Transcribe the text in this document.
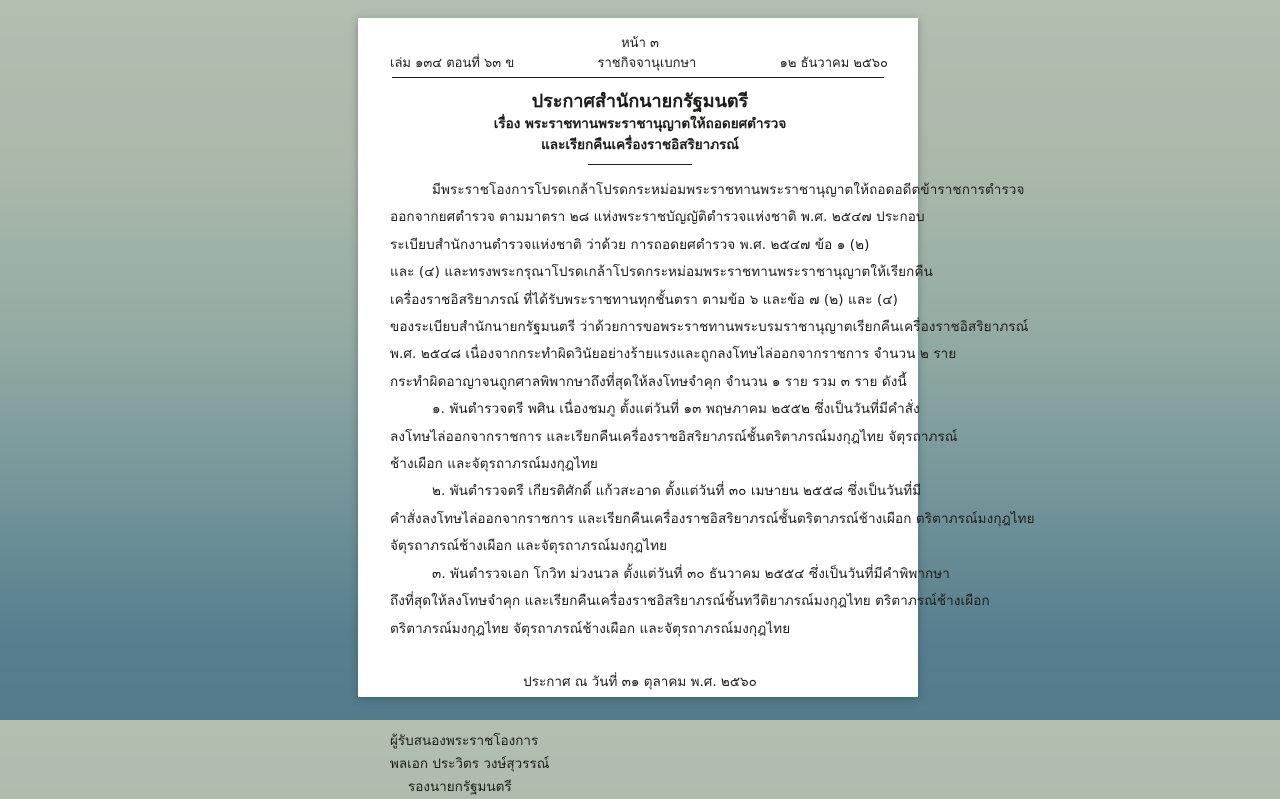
หน้า ๓
เล่ม ๑๓๔ ตอนที่ ๖๓ ข	ราชกิจจานุเบกษา	๑๒ ธันวาคม ๒๕๖๐
ประกาศสำนักนายกรัฐมนตรี
เรื่อง พระราชทานพระราชานุญาตให้ถอดยศตำรวจ
และเรียกคืนเครื่องราชอิสริยาภรณ์
มีพระราชโองการโปรดเกล้าโปรดกระหม่อมพระราชทานพระราชานุญาตให้ถอดอดีตข้าราชการตำรวจ
ออกจากยศตำรวจ ตามมาตรา ๒๘ แห่งพระราชบัญญัติตำรวจแห่งชาติ พ.ศ. ๒๕๔๗ ประกอบ
ระเบียบสำนักงานตำรวจแห่งชาติ ว่าด้วย การถอดยศตำรวจ พ.ศ. ๒๕๔๗ ข้อ ๑ (๒)
และ (๔) และทรงพระกรุณาโปรดเกล้าโปรดกระหม่อมพระราชทานพระราชานุญาตให้เรียกคืน
เครื่องราชอิสริยาภรณ์ ที่ได้รับพระราชทานทุกชั้นตรา ตามข้อ ๖ และข้อ ๗ (๒) และ (๔)
ของระเบียบสำนักนายกรัฐมนตรี ว่าด้วยการขอพระราชทานพระบรมราชานุญาตเรียกคืนเครื่องราชอิสริยาภรณ์
พ.ศ. ๒๕๔๘ เนื่องจากกระทำผิดวินัยอย่างร้ายแรงและถูกลงโทษไล่ออกจากราชการ จำนวน ๒ ราย
กระทำผิดอาญาจนถูกศาลพิพากษาถึงที่สุดให้ลงโทษจำคุก จำนวน ๑ ราย รวม ๓ ราย ดังนี้
๑. พันตำรวจตรี พศิน เนื่องชมภู ตั้งแต่วันที่ ๑๓ พฤษภาคม ๒๕๕๒ ซึ่งเป็นวันที่มีคำสั่ง
ลงโทษไล่ออกจากราชการ และเรียกคืนเครื่องราชอิสริยาภรณ์ชั้นตริตาภรณ์มงกุฎไทย จัตุรถาภรณ์
ช้างเผือก และจัตุรถาภรณ์มงกุฎไทย
๒. พันตำรวจตรี เกียรติศักดิ์ แก้วสะอาด ตั้งแต่วันที่ ๓๐ เมษายน ๒๕๕๘ ซึ่งเป็นวันที่มี
คำสั่งลงโทษไล่ออกจากราชการ และเรียกคืนเครื่องราชอิสริยาภรณ์ชั้นตริตาภรณ์ช้างเผือก ตริตาภรณ์มงกุฎไทย
จัตุรถาภรณ์ช้างเผือก และจัตุรถาภรณ์มงกุฎไทย
๓. พันตำรวจเอก โกวิท ม่วงนวล ตั้งแต่วันที่ ๓๐ ธันวาคม ๒๕๕๔ ซึ่งเป็นวันที่มีคำพิพากษา
ถึงที่สุดให้ลงโทษจำคุก และเรียกคืนเครื่องราชอิสริยาภรณ์ชั้นทวีติยาภรณ์มงกุฎไทย ตริตาภรณ์ช้างเผือก
ตริตาภรณ์มงกุฎไทย จัตุรถาภรณ์ช้างเผือก และจัตุรถาภรณ์มงกุฎไทย
ประกาศ ณ วันที่ ๓๑ ตุลาคม พ.ศ. ๒๕๖๐
ผู้รับสนองพระราชโองการ
พลเอก ประวิตร วงษ์สุวรรณ์
รองนายกรัฐมนตรี
